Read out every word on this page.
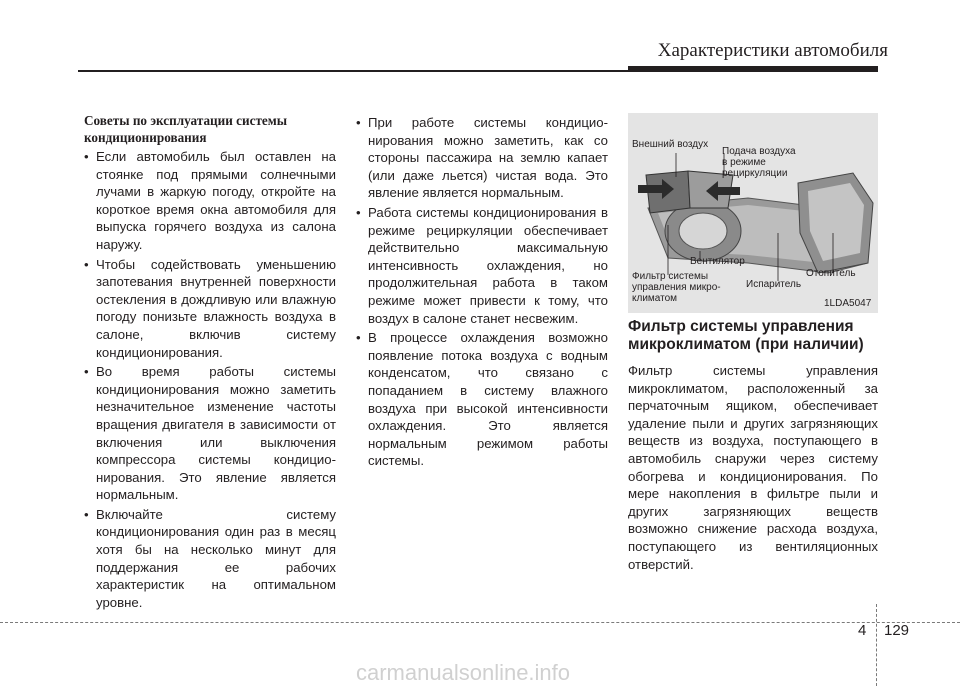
Характеристики автомобиля
Советы по эксплуатации системы кондиционирования
• Если автомобиль был оставлен на стоянке под прямыми солнечными лучами в жаркую погоду, откройте на короткое время окна автомобиля для выпуска горячего воздуха из салона наружу.
• Чтобы содействовать уменьшению запотевания внутренней поверхности остекления в дождливую или влажную погоду понизьте влажность воздуха в салоне, включив систему кондиционирования.
• Во время работы системы кондиционирования можно заметить незначительное изменение частоты вращения двигателя в зависимости от включения или выключения компрессора системы кондиционирования. Это явление является нормальным.
• Включайте систему кондиционирования один раз в месяц хотя бы на несколько минут для поддержания ее рабочих характеристик на оптимальном уровне.
• При работе системы кондиционирования можно заметить, как со стороны пассажира на землю капает (или даже льется) чистая вода. Это явление является нормальным.
• Работа системы кондиционирования в режиме рециркуляции обеспечивает действительно максимальную интенсивность охлаждения, но продолжительная работа в таком режиме может привести к тому, что воздух в салоне станет несвежим.
• В процессе охлаждения возможно появление потока воздуха с водным конденсатом, что связано с попаданием в систему влажного воздуха при высокой интенсивности охлаждения. Это является нормальным режимом работы системы.
Внешний воздух
Подача воздуха
в режиме
рециркуляции
Вентилятор
Фильтр системы
управления микро-
климатом
Испаритель
Отопитель
1LDA5047
Фильтр системы управления
микроклиматом (при наличии)
Фильтр системы управления микроклиматом, расположенный за перчаточным ящиком, обеспечивает удаление пыли и других загрязняющих веществ из воздуха, поступающего в автомобиль снаружи через систему обогрева и кондиционирования. По мере накопления в фильтре пыли и других загрязняющих веществ возможно снижение расхода воздуха, поступающего из вентиляционных отверстий.
4 129
carmanualsonline.info
